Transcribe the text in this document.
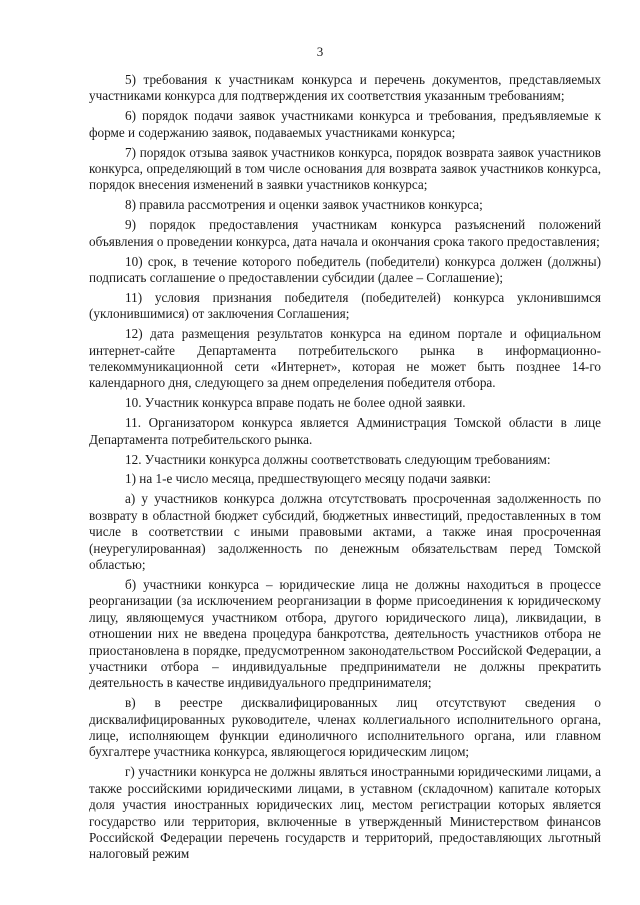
3

5) требования к участникам конкурса и перечень документов, представляемых участниками конкурса для подтверждения их соответствия указанным требованиям;

6) порядок подачи заявок участниками конкурса и требования, предъявляемые к форме и содержанию заявок, подаваемых участниками конкурса;

7) порядок отзыва заявок участников конкурса, порядок возврата заявок участников конкурса, определяющий в том числе основания для возврата заявок участников конкурса, порядок внесения изменений в заявки участников конкурса;

8) правила рассмотрения и оценки заявок участников конкурса;

9) порядок предоставления участникам конкурса разъяснений положений объявления о проведении конкурса, дата начала и окончания срока такого предоставления;

10) срок, в течение которого победитель (победители) конкурса должен (должны) подписать соглашение о предоставлении субсидии (далее – Соглашение);

11) условия признания победителя (победителей) конкурса уклонившимся (уклонившимися) от заключения Соглашения;

12) дата размещения результатов конкурса на едином портале и официальном интернет-сайте Департамента потребительского рынка в информационно-телекоммуникационной сети «Интернет», которая не может быть позднее 14-го календарного дня, следующего за днем определения победителя отбора.

10. Участник конкурса вправе подать не более одной заявки.

11. Организатором конкурса является Администрация Томской области в лице Департамента потребительского рынка.

12. Участники конкурса должны соответствовать следующим требованиям:

1) на 1-е число месяца, предшествующего месяцу подачи заявки:

а) у участников конкурса должна отсутствовать просроченная задолженность по возврату в областной бюджет субсидий, бюджетных инвестиций, предоставленных в том числе в соответствии с иными правовыми актами, а также иная просроченная (неурегулированная) задолженность по денежным обязательствам перед Томской областью;

б) участники конкурса – юридические лица не должны находиться в процессе реорганизации (за исключением реорганизации в форме присоединения к юридическому лицу, являющемуся участником отбора, другого юридического лица), ликвидации, в отношении них не введена процедура банкротства, деятельность участников отбора не приостановлена в порядке, предусмотренном законодательством Российской Федерации, а участники отбора – индивидуальные предприниматели не должны прекратить деятельность в качестве индивидуального предпринимателя;

в) в реестре дисквалифицированных лиц отсутствуют сведения о дисквалифицированных руководителе, членах коллегиального исполнительного органа, лице, исполняющем функции единоличного исполнительного органа, или главном бухгалтере участника конкурса, являющегося юридическим лицом;

г) участники конкурса не должны являться иностранными юридическими лицами, а также российскими юридическими лицами, в уставном (складочном) капитале которых доля участия иностранных юридических лиц, местом регистрации которых является государство или территория, включенные в утвержденный Министерством финансов Российской Федерации перечень государств и территорий, предоставляющих льготный налоговый режим
